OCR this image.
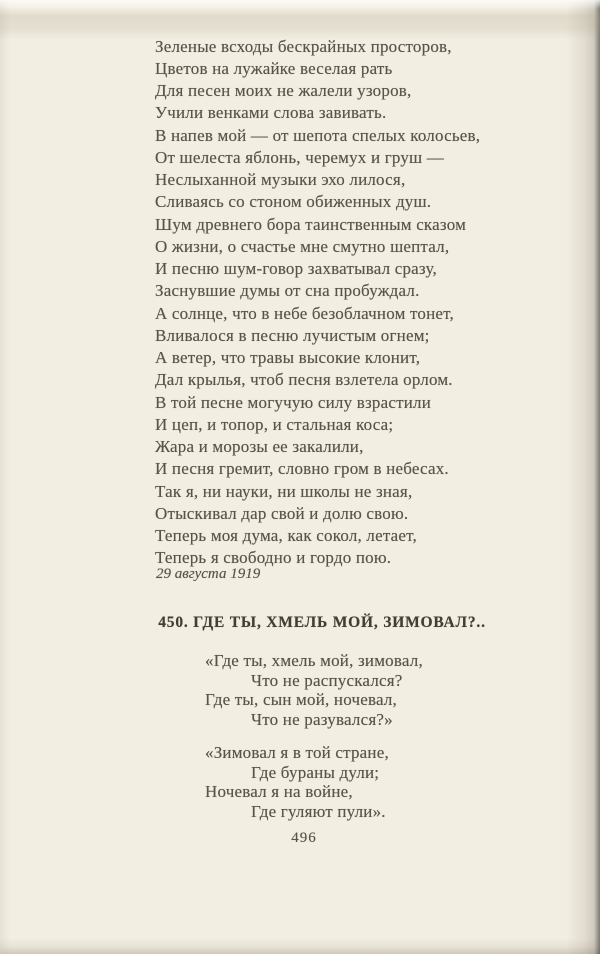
Зеленые всходы бескрайных просторов,
Цветов на лужайке веселая рать
Для песен моих не жалели узоров,
Учили венками слова завивать.
В напев мой — от шепота спелых колосьев,
От шелеста яблонь, черемух и груш —
Неслыханной музыки эхо лилося,
Сливаясь со стоном обиженных душ.
Шум древнего бора таинственным сказом
О жизни, о счастье мне смутно шептал,
И песню шум-говор захватывал сразу,
Заснувшие думы от сна пробуждал.
А солнце, что в небе безоблачном тонет,
Вливалося в песню лучистым огнем;
А ветер, что травы высокие клонит,
Дал крылья, чтоб песня взлетела орлом.
В той песне могучую силу взрастили
И цеп, и топор, и стальная коса;
Жара и морозы ее закалили,
И песня гремит, словно гром в небесах.
Так я, ни науки, ни школы не зная,
Отыскивал дар свой и долю свою.
Теперь моя дума, как сокол, летает,
Теперь я свободно и гордо пою.
29 августа 1919
450. ГДЕ ТЫ, ХМЕЛЬ МОЙ, ЗИМОВАЛ?..
«Где ты, хмель мой, зимовал,
Что не распускался?
Где ты, сын мой, ночевал,
Что не разувался?»
«Зимовал я в той стране,
Где бураны дули;
Ночевал я на войне,
Где гуляют пули».
496
